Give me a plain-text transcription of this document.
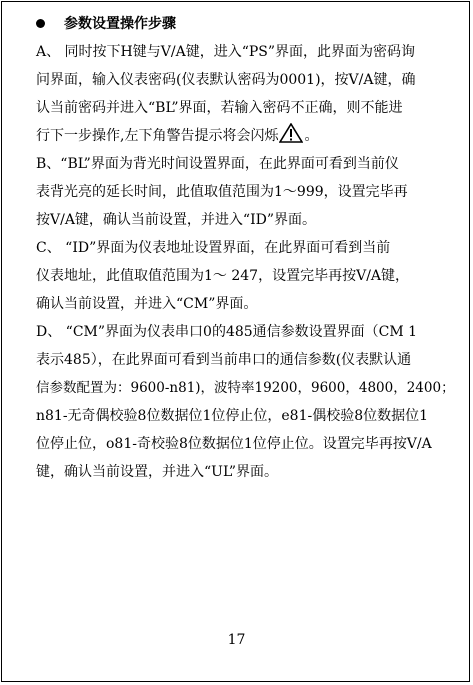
参数设置操作步骤

A、 同时按下H键与V/A键，进入“PS”界面，此界面为密码询

问界面，输入仪表密码(仪表默认密码为0001)，按V/A键，确

认当前密码并进入“BL”界面，若输入密码不正确，则不能进

行下一步操作,左下角警告提示将会闪烁 。

B、“BL”界面为背光时间设置界面，在此界面可看到当前仪

表背光亮的延长时间，此值取值范围为1～999，设置完毕再

按V/A键，确认当前设置，并进入“ID”界面。

C、 “ID”界面为仪表地址设置界面，在此界面可看到当前

仪表地址，此值取值范围为1～ 247，设置完毕再按V/A键，

确认当前设置，并进入“CM”界面。

D、 “CM”界面为仪表串口0的485通信参数设置界面（CM 1

表示485），在此界面可看到当前串口的通信参数(仪表默认通

信参数配置为：9600-n81)，波特率19200，9600，4800，2400；

n81-无奇偶校验8位数据位1位停止位，e81-偶校验8位数据位1

位停止位，o81-奇校验8位数据位1位停止位。设置完毕再按V/A

键，确认当前设置，并进入“UL”界面。

17
